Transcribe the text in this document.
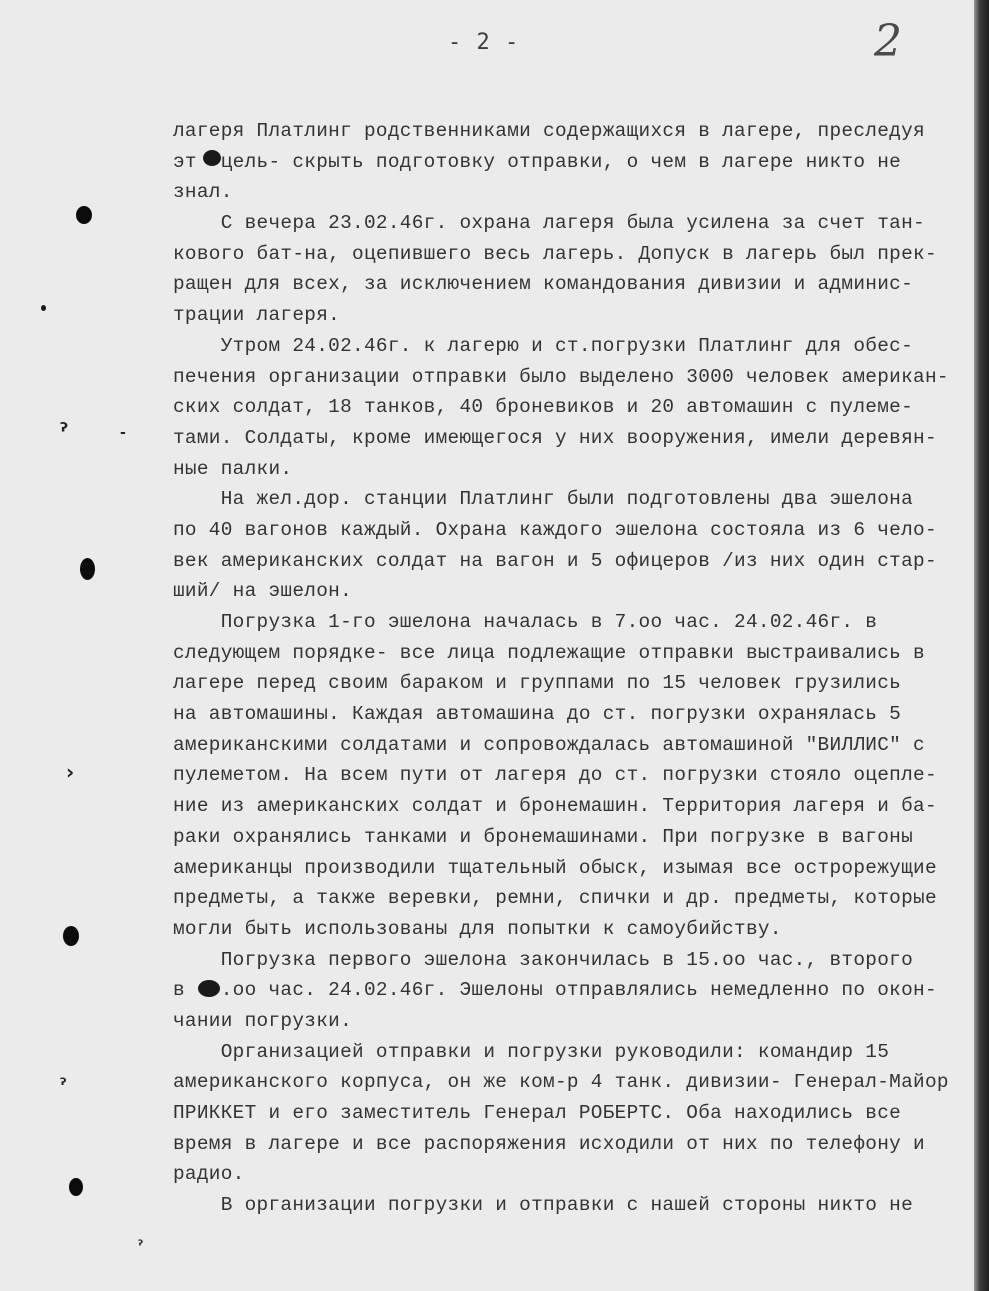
- 2 -	2
ˀ	-
›
ˀ
ˀ
лагеря Платлинг родственниками содержащихся в лагере, преследуя
эт  цель- скрыть подготовку отправки, о чем в лагере никто не
знал.
С вечера 23.02.46г. охрана лагеря была усилена за счет тан-
кового бат-на, оцепившего весь лагерь. Допуск в лагерь был прек-
ращен для всех, за исключением командования дивизии и админис-
трации лагеря.
Утром 24.02.46г. к лагерю и ст.погрузки Платлинг для обес-
печения организации отправки было выделено 3000 человек американ-
ских солдат, 18 танков, 40 броневиков и 20 автомашин с пулеме-
тами. Солдаты, кроме имеющегося у них вооружения, имели деревян-
ные палки.
На жел.дор. станции Платлинг были подготовлены два эшелона
по 40 вагонов каждый. Охрана каждого эшелона состояла из 6 чело-
век американских солдат на вагон и 5 офицеров /из них один стар-
ший/ на эшелон.
Погрузка 1-го эшелона началась в 7.оо час. 24.02.46г. в
следующем порядке- все лица подлежащие отправки выстраивались в
лагере перед своим бараком и группами по 15 человек грузились
на автомашины. Каждая автомашина до ст. погрузки охранялась 5
американскими солдатами и сопровождалась автомашиной "ВИЛЛИС" с
пулеметом. На всем пути от лагеря до ст. погрузки стояло оцепле-
ние из американских солдат и бронемашин. Территория лагеря и ба-
раки охранялись танками и бронемашинами. При погрузке в вагоны
американцы производили тщательный обыск, изымая все острорежущие
предметы, а также веревки, ремни, спички и др. предметы, которые
могли быть использованы для попытки к самоубийству.
Погрузка первого эшелона закончилась в 15.оо час., второго
в   .оо час. 24.02.46г. Эшелоны отправлялись немедленно по окон-
чании погрузки.
Организацией отправки и погрузки руководили: командир 15
американского корпуса, он же ком-р 4 танк. дивизии- Генерал-Майор
ПРИККЕТ и его заместитель Генерал РОБЕРТС. Оба находились все
время в лагере и все распоряжения исходили от них по телефону и
радио.
В организации погрузки и отправки с нашей стороны никто не
